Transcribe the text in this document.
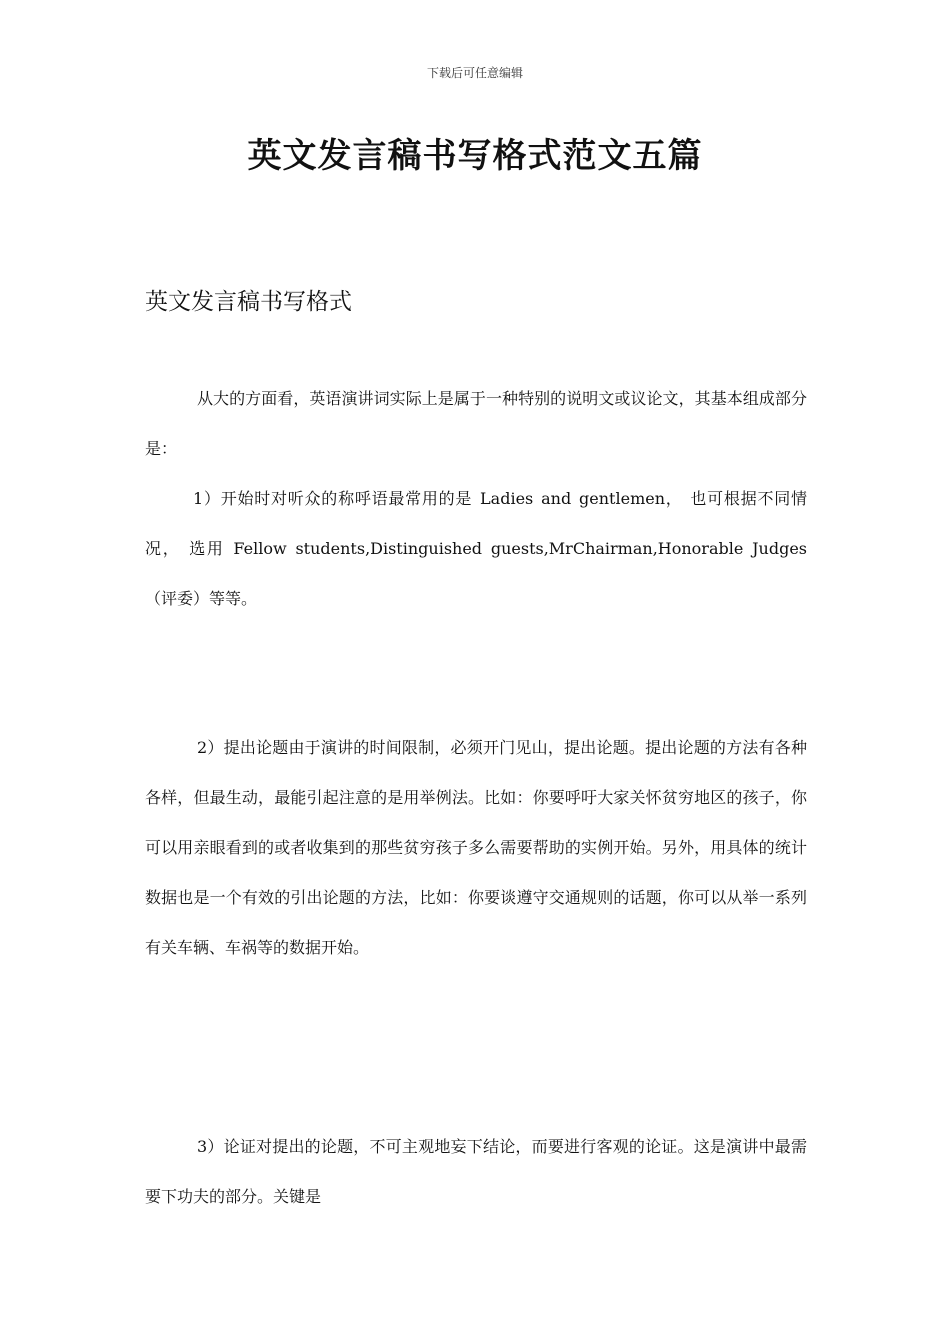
下载后可任意编辑
英文发言稿书写格式范文五篇
英文发言稿书写格式

从大的方面看，英语演讲词实际上是属于一种特别的说明文或议论文，其基本组成部分是：

1）开始时对听众的称呼语最常用的是 Ladies and gentlemen， 也可根据不同情况， 选用 Fellow students,Distinguished guests,MrChairman,Honorable Judges（评委）等等。

2）提出论题由于演讲的时间限制，必须开门见山，提出论题。提出论题的方法有各种各样，但最生动，最能引起注意的是用举例法。比如：你要呼吁大家关怀贫穷地区的孩子，你可以用亲眼看到的或者收集到的那些贫穷孩子多么需要帮助的实例开始。另外，用具体的统计数据也是一个有效的引出论题的方法，比如：你要谈遵守交通规则的话题，你可以从举一系列有关车辆、车祸等的数据开始。

3）论证对提出的论题，不可主观地妄下结论，而要进行客观的论证。这是演讲中最需要下功夫的部分。关键是
